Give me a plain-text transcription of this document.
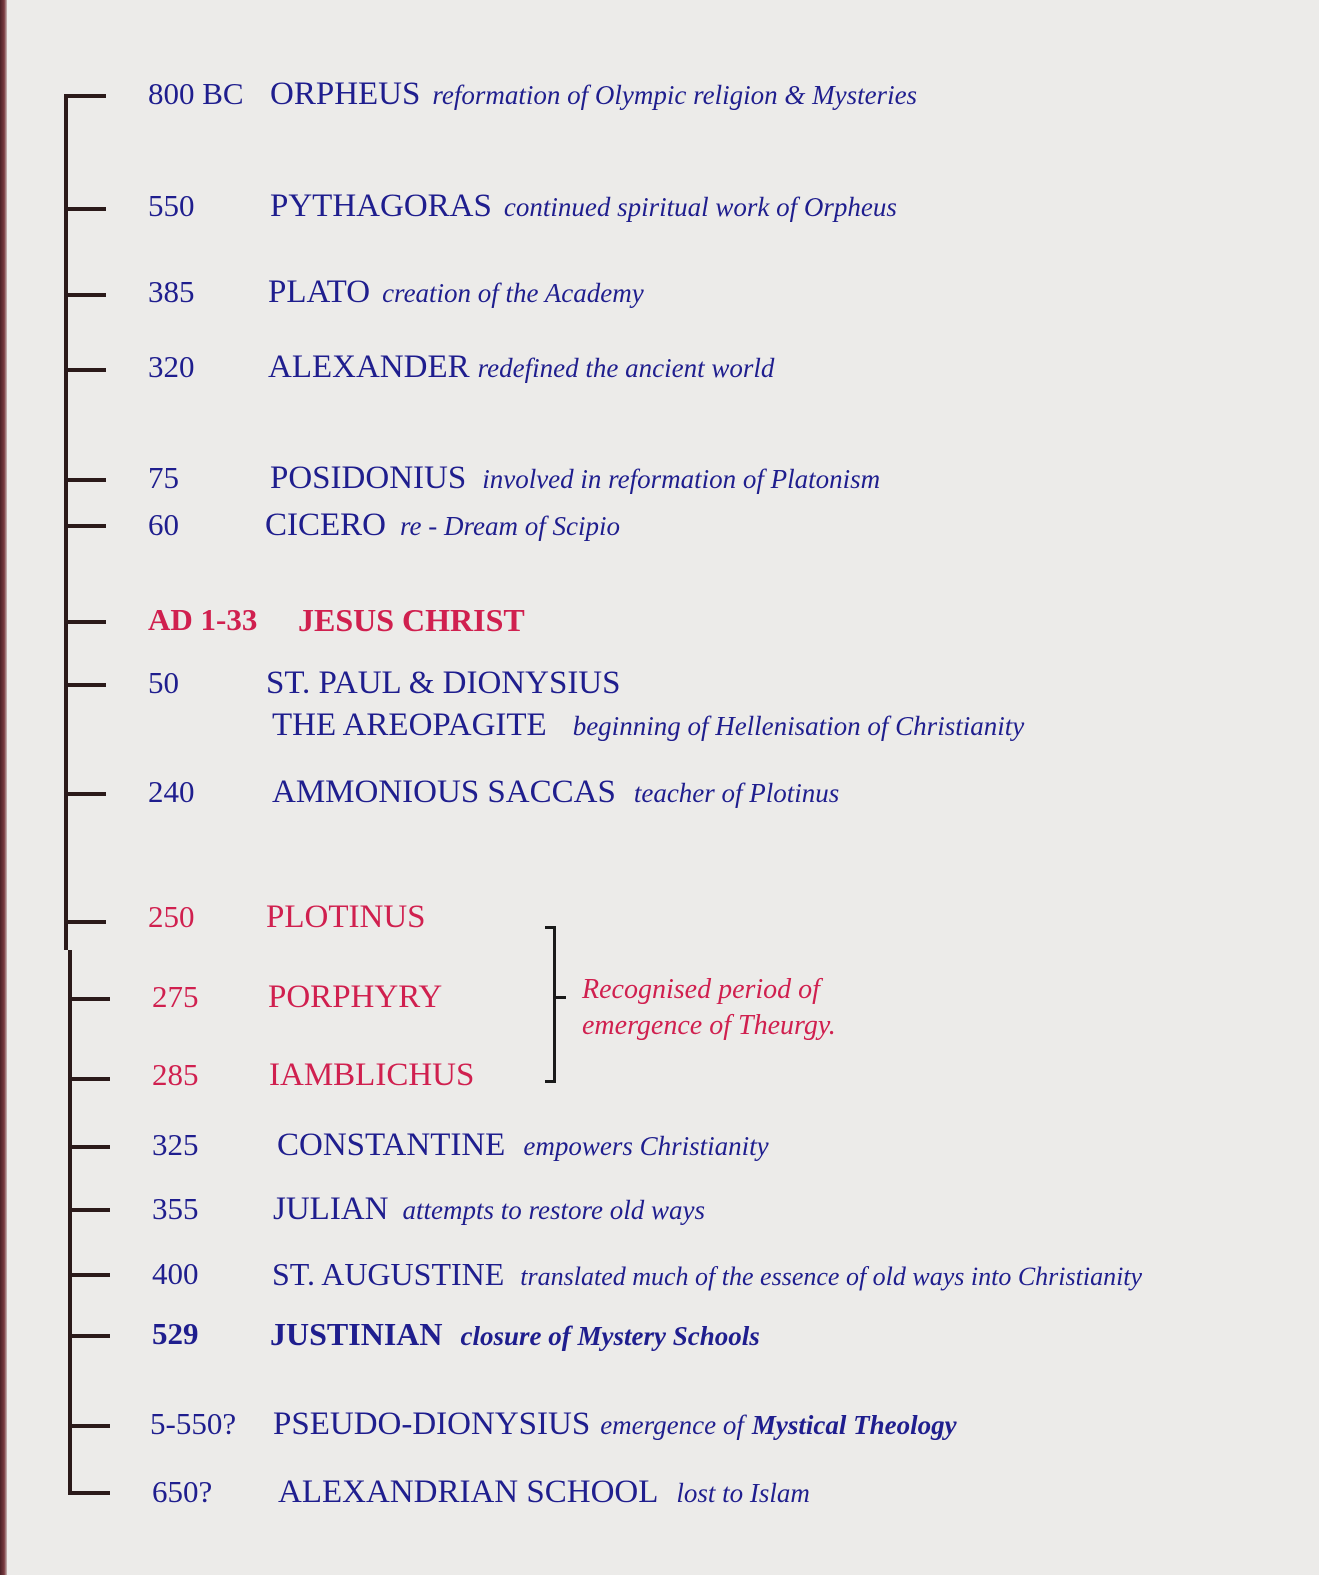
800 BC ORPHEUS reformation of Olympic religion & Mysteries
550 PYTHAGORAS continued spiritual work of Orpheus
385 PLATO creation of the Academy
320 ALEXANDER redefined the ancient world
75	POSIDONIUS involved in reformation of Platonism
60	CICERO re - Dream of Scipio
AD 1-33 JESUS CHRIST
50	ST. PAUL & DIONYSIUS
THE AREOPAGITE beginning of Hellenisation of Christianity
240 AMMONIOUS SACCAS teacher of Plotinus
250 PLOTINUS
275 PORPHYRY
285 IAMBLICHUS
Recognised period of
emergence of Theurgy.
325 CONSTANTINE empowers Christianity
355 JULIAN attempts to restore old ways
400 ST. AUGUSTINE translated much of the essence of old ways into Christianity
529 JUSTINIAN closure of Mystery Schools
5-550? PSEUDO-DIONYSIUS emergence of Mystical Theology
650? ALEXANDRIAN SCHOOL lost to Islam
